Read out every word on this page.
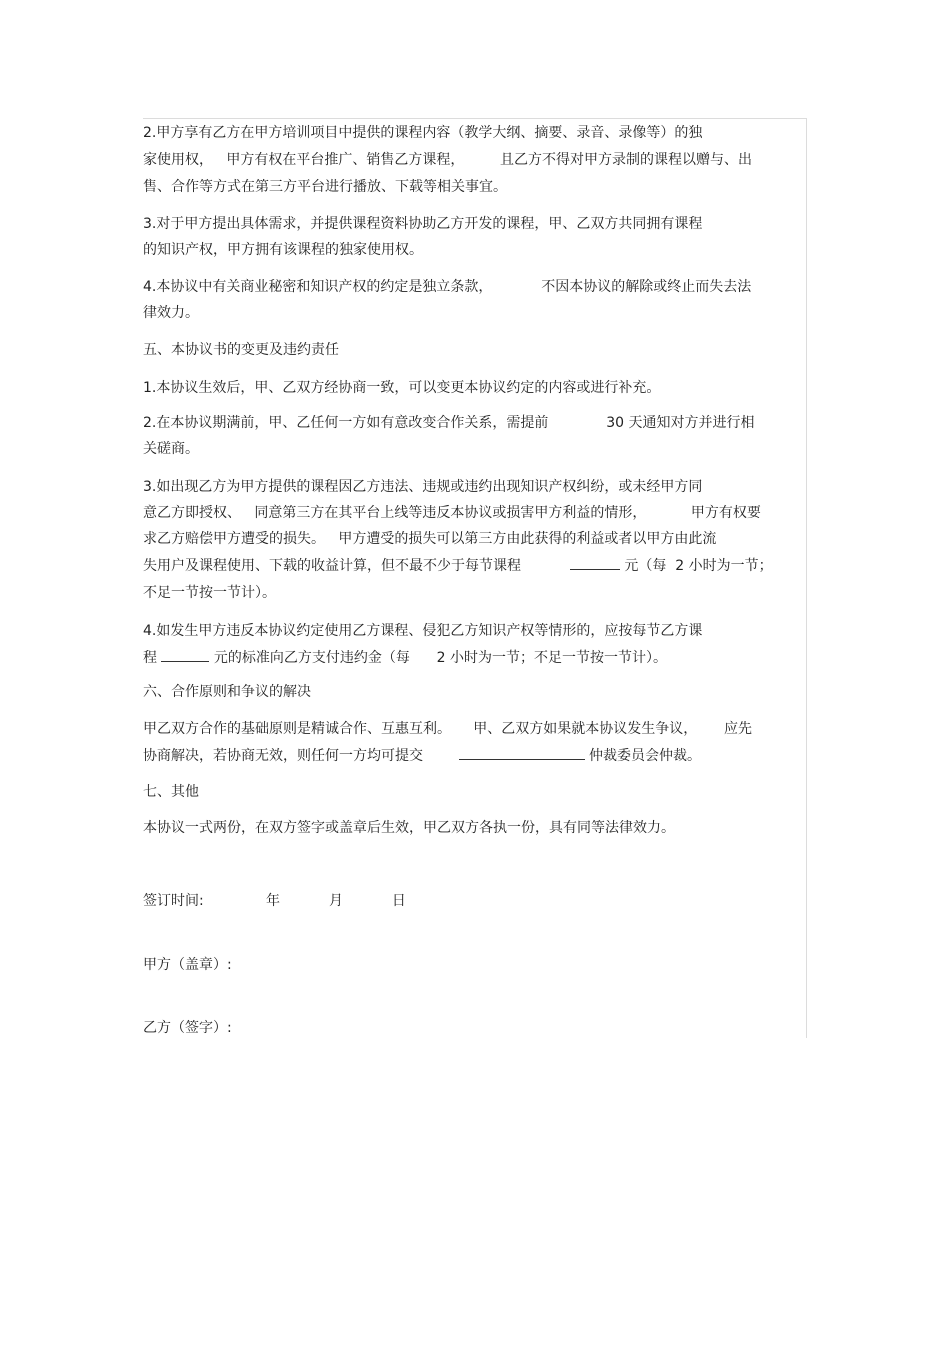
2.甲方享有乙方在甲方培训项目中提供的课程内容（教学大纲、摘要、录音、录像等）的独
家使用权，   甲方有权在平台推广、销售乙方课程，        且乙方不得对甲方录制的课程以赠与、出
售、合作等方式在第三方平台进行播放、下载等相关事宜。
3.对于甲方提出具体需求，并提供课程资料协助乙方开发的课程，甲、乙双方共同拥有课程
的知识产权，甲方拥有该课程的独家使用权。
4.本协议中有关商业秘密和知识产权的约定是独立条款，           不因本协议的解除或终止而失去法
律效力。
五、本协议书的变更及违约责任
1.本协议生效后，甲、乙双方经协商一致，可以变更本协议约定的内容或进行补充。
2.在本协议期满前，甲、乙任何一方如有意改变合作关系，需提前             30 天通知对方并进行相
关磋商。
3.如出现乙方为甲方提供的课程因乙方违法、违规或违约出现知识产权纠纷，或未经甲方同
意乙方即授权、   同意第三方在其平台上线等违反本协议或损害甲方利益的情形，          甲方有权要
求乙方赔偿甲方遭受的损失。   甲方遭受的损失可以第三方由此获得的利益或者以甲方由此流
失用户及课程使用、下载的收益计算，但不最不少于每节课程	元（每  2 小时为一节；
不足一节按一节计）。
4.如发生甲方违反本协议约定使用乙方课程、侵犯乙方知识产权等情形的，应按每节乙方课
程	元的标准向乙方支付违约金（每      2 小时为一节；不足一节按一节计）。
六、合作原则和争议的解决
甲乙双方合作的基础原则是精诚合作、互惠互利。     甲、乙双方如果就本协议发生争议，      应先
协商解决，若协商无效，则任何一方均可提交	仲裁委员会仲裁。
七、其他
本协议一式两份，在双方签字或盖章后生效，甲乙双方各执一份，具有同等法律效力。
签订时间:              年           月           日
甲方（盖章）:
乙方（签字）:
